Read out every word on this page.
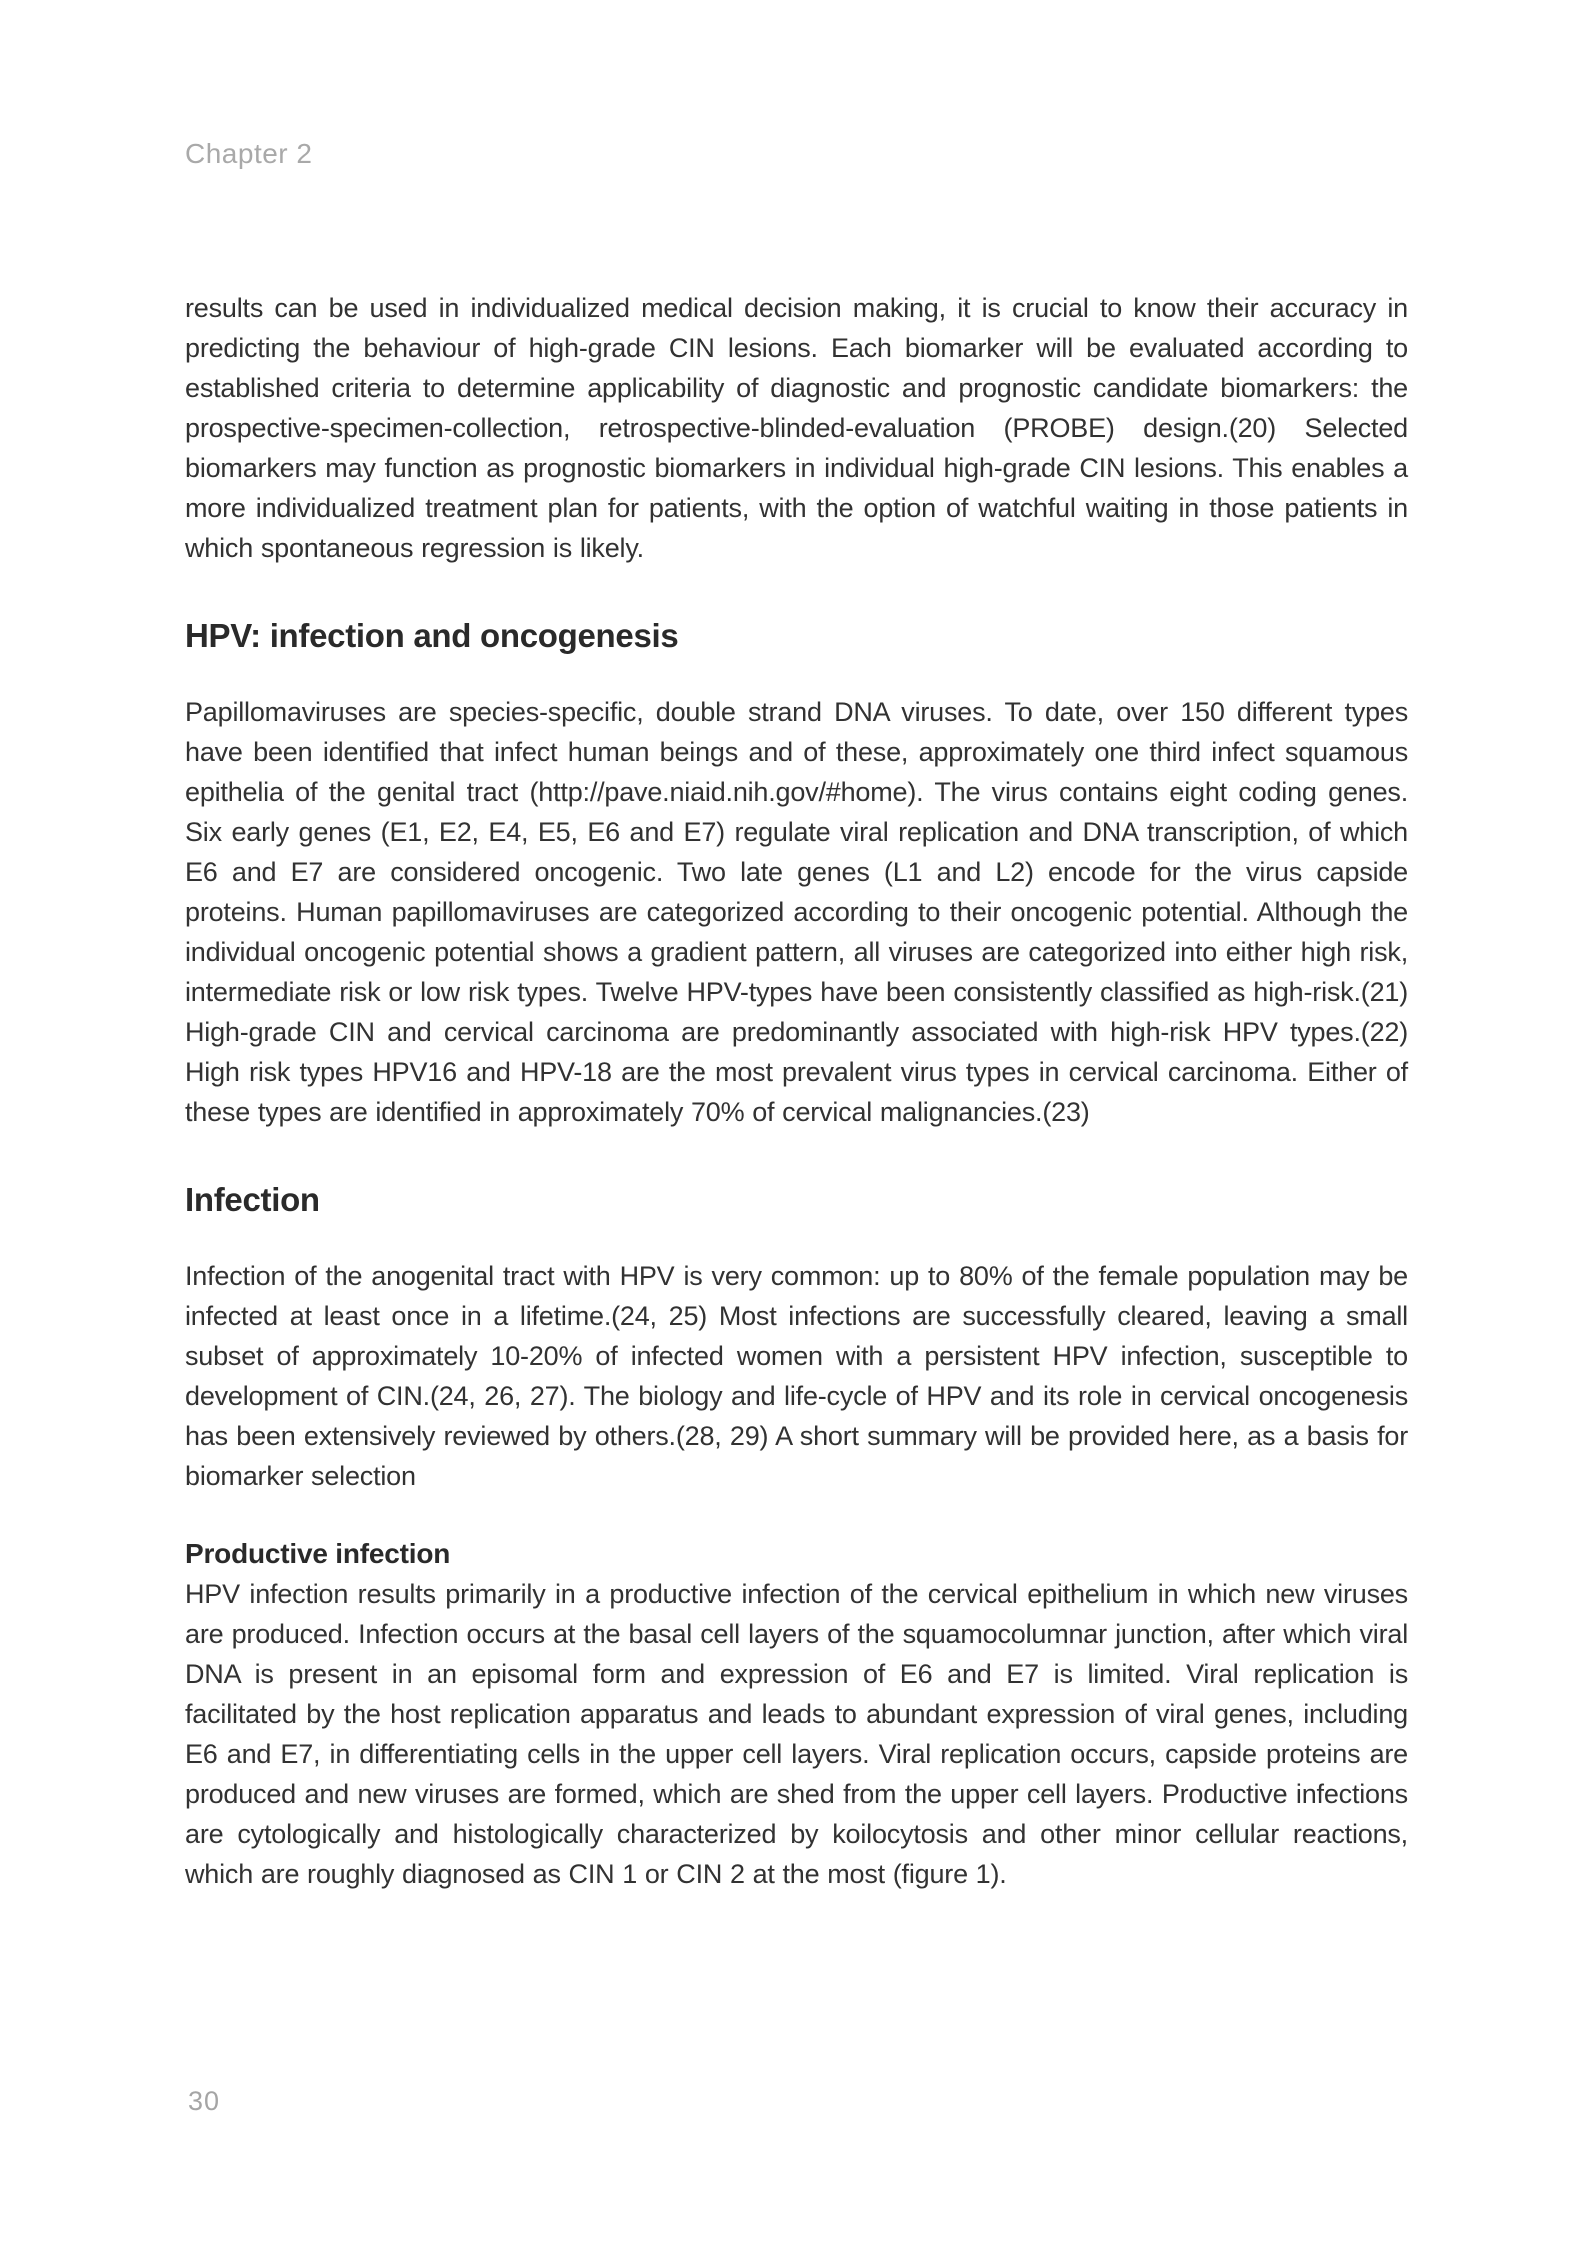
Chapter 2

results can be used in individualized medical decision making, it is crucial to know their accuracy in predicting the behaviour of high-grade CIN lesions. Each biomarker will be evaluated according to established criteria to determine applicability of diagnostic and prognostic candidate biomarkers: the prospective-specimen-collection, retrospective-blinded-evaluation (PROBE) design.(20) Selected biomarkers may function as prognostic biomarkers in individual high-grade CIN lesions. This enables a more individualized treatment plan for patients, with the option of watchful waiting in those patients in which spontaneous regression is likely.

HPV: infection and oncogenesis

Papillomaviruses are species-specific, double strand DNA viruses. To date, over 150 different types have been identified that infect human beings and of these, approximately one third infect squamous epithelia of the genital tract (http://pave.niaid.nih.gov/#home). The virus contains eight coding genes. Six early genes (E1, E2, E4, E5, E6 and E7) regulate viral replication and DNA transcription, of which E6 and E7 are considered oncogenic. Two late genes (L1 and L2) encode for the virus capside proteins. Human papillomaviruses are categorized according to their oncogenic potential. Although the individual oncogenic potential shows a gradient pattern, all viruses are categorized into either high risk, intermediate risk or low risk types. Twelve HPV-types have been consistently classified as high-risk.(21) High-grade CIN and cervical carcinoma are predominantly associated with high-risk HPV types.(22) High risk types HPV16 and HPV-18 are the most prevalent virus types in cervical carcinoma. Either of these types are identified in approximately 70% of cervical malignancies.(23)

Infection

Infection of the anogenital tract with HPV is very common: up to 80% of the female population may be infected at least once in a lifetime.(24, 25) Most infections are successfully cleared, leaving a small subset of approximately 10-20% of infected women with a persistent HPV infection, susceptible to development of CIN.(24, 26, 27). The biology and life-cycle of HPV and its role in cervical oncogenesis has been extensively reviewed by others.(28, 29) A short summary will be provided here, as a basis for biomarker selection

Productive infection

HPV infection results primarily in a productive infection of the cervical epithelium in which new viruses are produced. Infection occurs at the basal cell layers of the squamocolumnar junction, after which viral DNA is present in an episomal form and expression of E6 and E7 is limited. Viral replication is facilitated by the host replication apparatus and leads to abundant expression of viral genes, including E6 and E7, in differentiating cells in the upper cell layers. Viral replication occurs, capside proteins are produced and new viruses are formed, which are shed from the upper cell layers. Productive infections are cytologically and histologically characterized by koilocytosis and other minor cellular reactions, which are roughly diagnosed as CIN 1 or CIN 2 at the most (figure 1).

30
